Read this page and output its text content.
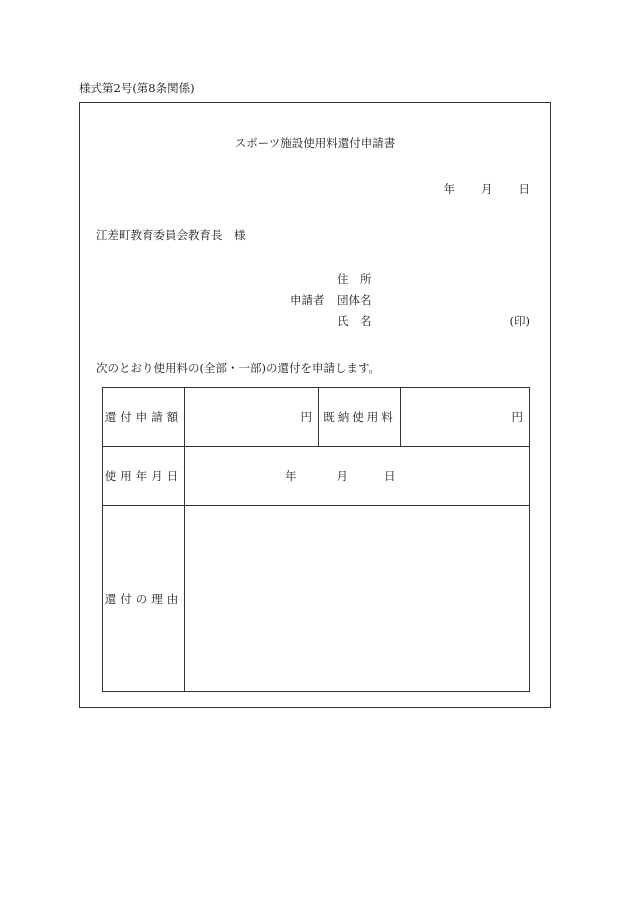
様式第2号(第8条関係)
スポーツ施設使用料還付申請書
年 月 日
江差町教育委員会教育長　様
住　所
申請者 団体名
氏　名	(印)
次のとおり使用料の(全部・一部)の還付を申請します。
還付申請額	円	既納使用料	円
使用年月日	年 月 日		
還付の理由			
